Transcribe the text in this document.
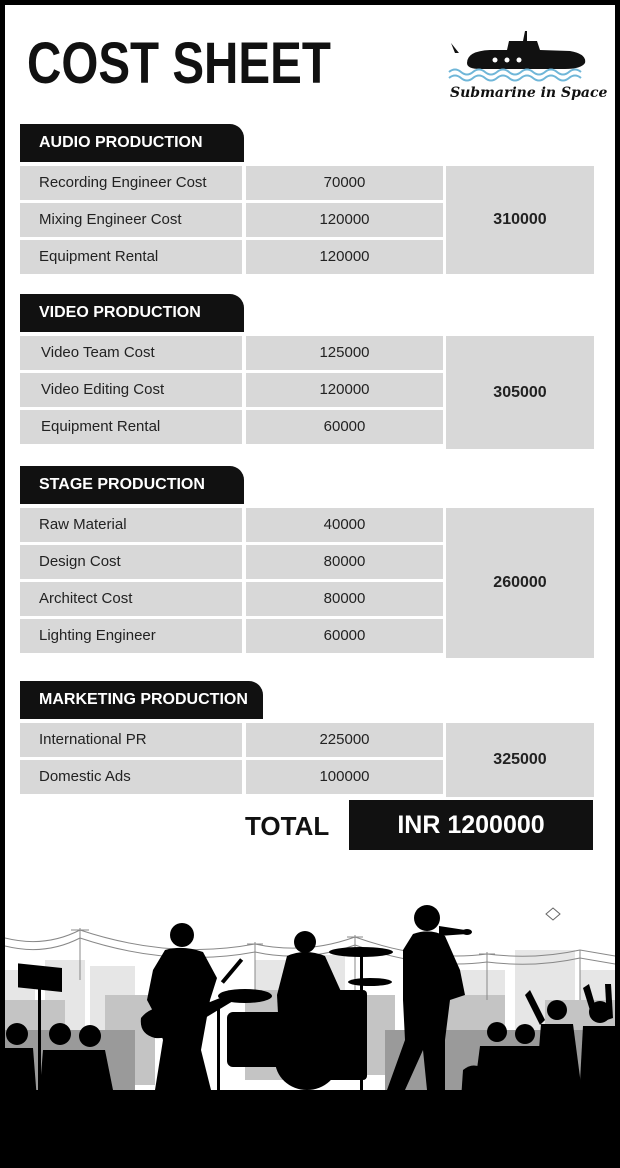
COST SHEET	Submarine in Space
AUDIO PRODUCTION
Recording Engineer Cost	70000
Mixing Engineer Cost	120000
Equipment Rental	120000
310000
VIDEO PRODUCTION
Video Team Cost	125000
Video Editing Cost	120000
Equipment Rental	60000
305000
STAGE PRODUCTION
Raw Material	40000
Design Cost	80000
Architect Cost	80000
Lighting Engineer	60000
260000
MARKETING PRODUCTION
International PR	225000
Domestic Ads	100000
325000
TOTAL	INR 1200000
